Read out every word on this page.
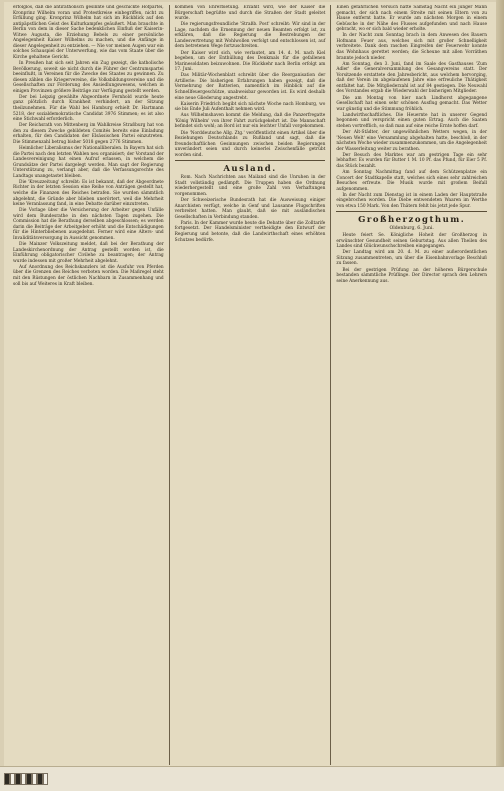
erfolglos, daß die antiratholisch gesinnte und geschickte Hofpartei, Kronprinz Wilhelm voran und Protestkreise einbegriffen, nicht zu Erfüllung ging. Kronprinz Wilhelm hat sich im Rückblick auf den antipäpstlichen Geist des Kulturkampfes geäußert. Man brauchte in Berlin von dem in dieser Sache bedenklichen Einfluß der Kaiserin-Witwe Augusta, die Erziehung Bebels zu einer persönliche Angelegenheit Kaiser Wilhelms zu machen, und die Anfänge in dieser Angelegenheit zu entziehen. — Nie vor meinen Augen war ein solches Schauspiel der Unterwerfung, wie das vom Staate über die Kirche gehaltene Gericht.

In Preußen hat sich seit Jahren ein Zug gezeigt, die katholische Bevölkerung, soweit sie nicht durch die Führer der Centrumspartei beeinflußt, in Vereinen für die Zwecke des Staates zu gewinnen. Zu diesen zählen die Kriegervereine, die Volksbildungsvereine und die Gesellschaften zur Förderung des Ansiedlungswesens, welchen in einigen Provinzen größere Beiträge zur Verfügung gestellt werden.

Der bei Leipzig gewählte Abgeordnete Fernhold wurde heute ganz plötzlich durch Krankheit verhindert, an der Sitzung theilzunehmen. Für die Wahl bei Hamburg erhielt Dr. Hartmann 5218, der sozialdemokratische Candidat 3976 Stimmen; es ist also eine Stichwahl erforderlich.

Der Reichsrath von Mittenberg im Wahlkreise Straßburg hat von den zu diesem Zwecke gebildeten Comités bereits eine Einladung erhalten, für den Candidaten der Elsässischen Partei einzutreten. Die Stimmenzahl betrug bisher 5018 gegen 2776 Stimmen.

Heimlicher Liberalismus der Nationalliberalen. In Bayern hat sich die Partei nach den letzten Wahlen neu organisiert; der Vorstand der Landesvereinigung hat einen Aufruf erlassen, in welchem die Grundsätze der Partei dargelegt werden. Man sagt der Regierung Unterstützung zu, verlangt aber, daß die Verfassungsrechte des Landtags unangetastet bleiben.

Die 'Kreuzzeitung' schreibt: Es ist bekannt, daß der Abgeordnete Richter in der letzten Session eine Reihe von Anträgen gestellt hat, welche die Finanzen des Reiches betrafen. Sie wurden sämmtlich abgelehnt, die Gründe aber blieben unerörtert, weil die Mehrheit keine Veranlassung fand, in eine Debatte darüber einzutreten.

Die Vorlage über die Versicherung der Arbeiter gegen Unfälle wird dem Bundesrathe in den nächsten Tagen zugehen. Die Commission hat die Berathung derselben abgeschlossen; es werden darin die Beiträge der Arbeitgeber erhöht und die Entschädigungen für die Hinterbliebenen ausgedehnt. Ferner wird eine Alters- und Invaliditätsversorgung in Aussicht genommen.

Die Mainzer Volkszeitung meldet, daß bei der Berathung der Landeskirchenordnung der Antrag gestellt worden ist, die Einführung obligatorischer Civilehe zu beantragen; der Antrag wurde indessen mit großer Mehrheit abgelehnt.

Auf Anordnung des Reichskanzlers ist die Ausfuhr von Pferden über die Grenzen des Reiches verboten worden. Die Maßregel steht mit den Rüstungen der östlichen Nachbarn in Zusammenhang und soll bis auf Weiteres in Kraft bleiben.

kommen von Ehrerbietung. Erzählt wird, wie der Kaiser die Bürgerschaft begrüßte und durch die Straßen der Stadt geleitet wurde.

Die regierungsfreundliche 'Straßb. Post' schreibt: Wir sind in der Lage, nachdem die Ernennung der neuen Beamten erfolgt ist, zu erklären, daß die Regierung die Bestrebungen der Landesvertretung mit Wohlwollen verfolgt und entschlossen ist, auf dem betretenen Wege fortzuschreiten.

Der Kaiser wird sich, wie verlautet, am 14. d. M. nach Kiel begeben, um der Enthüllung des Denkmals für die gefallenen Marinesoldaten beizuwohnen. Die Rückkehr nach Berlin erfolgt am 17. Juni.

Das Militär-Wochenblatt schreibt über die Reorganisation der Artillerie: Die bisherigen Erfahrungen haben gezeigt, daß die Vermehrung der Batterien, namentlich im Hinblick auf die Schnellfeuergeschütze, unabweisbar geworden ist. Es wird deshalb eine neue Gliederung angestrebt.

Kaiserin Friedrich begibt sich nächste Woche nach Homburg, wo sie bis Ende Juli Aufenthalt nehmen wird.

Aus Wilhelmshaven kommt die Meldung, daß die Panzerfregatte 'König Wilhelm' von ihrer Fahrt zurückgekehrt ist. Die Mannschaft befindet sich wohl; an Bord ist nur ein leichter Unfall vorgekommen.

Die 'Norddeutsche Allg. Ztg.' veröffentlicht einen Artikel über die Beziehungen Deutschlands zu Rußland und sagt, daß die freundschaftlichen Gesinnungen zwischen beiden Regierungen unverändert seien und durch keinerlei Zwischenfälle getrübt worden sind.

Ausland.

Rom. Nach Nachrichten aus Mailand sind die Unruhen in der Stadt vollständig gedämpft. Die Truppen haben die Ordnung wiederhergestellt und eine große Zahl von Verhaftungen vorgenommen.

Der Schweizerische Bundesrath hat die Ausweisung einiger Anarchisten verfügt, welche in Genf und Lausanne Flugschriften verbreitet hatten. Man glaubt, daß sie mit ausländischen Gesellschaften in Verbindung standen.

Paris. In der Kammer wurde heute die Debatte über die Zolltarife fortgesetzt. Der Handelsminister vertheidigte den Entwurf der Regierung und betonte, daß die Landwirthschaft eines erhöhten Schutzes bedürfe.

Einen gefährlichen Versuch hatte Samstag Nacht ein junger Mann gemacht, der sich nach einem Streite mit seinen Eltern von zu Hause entfernt hatte. Er wurde am nächsten Morgen in einem Gebüsche in der Nähe des Flusses aufgefunden und nach Hause gebracht, wo er sich bald wieder erholte.

In der Nacht zum Sonntag brach in dem Anwesen des Bauern Hofmann Feuer aus, welches sich mit großer Schnelligkeit verbreitete. Dank dem raschen Eingreifen der Feuerwehr konnte das Wohnhaus gerettet werden; die Scheune mit allen Vorräthen brannte jedoch nieder.

Am Sonntag, den 3. Juni, fand im Saale des Gasthauses 'Zum Adler' die Generalversammlung des Gesangvereins statt. Der Vorsitzende erstattete den Jahresbericht, aus welchem hervorging, daß der Verein im abgelaufenen Jahre eine erfreuliche Thätigkeit entfaltet hat. Die Mitgliederzahl ist auf 84 gestiegen. Die Neuwahl des Vorstandes ergab die Wiederwahl der bisherigen Mitglieder.

Die am Montag von hier nach Lindhorst abgegangene Gesellschaft hat einen sehr schönen Ausflug gemacht. Das Wetter war günstig und die Stimmung fröhlich.

Landwirthschaftliches. Die Heuernte hat in unserer Gegend begonnen und verspricht einen guten Ertrag. Auch die Saaten stehen vortrefflich, so daß man auf eine reiche Ernte hoffen darf.

Der Alt-Städter, der ungewöhnlichen Wetters wegen, in der 'Neuen Welt' eine Versammlung abgehalten hatte, beschloß, in der nächsten Woche wieder zusammenzukommen, um die Angelegenheit der Wasserleitung weiter zu berathen.

Der Besuch des Marktes war am gestrigen Tage ein sehr lebhafter. Es wurden für Butter 1 M. 10 Pf. das Pfund, für Eier 5 Pf. das Stück bezahlt.

Am Sonntag Nachmittag fand auf dem Schützenplatze ein Concert der Stadtkapelle statt, welches sich eines sehr zahlreichen Besuches erfreute. Die Musik wurde mit großem Beifall aufgenommen.

In der Nacht zum Dienstag ist in einem Laden der Hauptstraße eingebrochen worden. Die Diebe entwendeten Waaren im Werthe von etwa 150 Mark. Von den Thätern fehlt bis jetzt jede Spur.

Großherzogthum.
Oldenburg, 6. Juni.

Heute feiert Se. Königliche Hoheit der Großherzog in erwünschter Gesundheit seinen Geburtstag. Aus allen Theilen des Landes sind Glückwunschschreiben eingegangen.

Der Landtag wird am 20. d. M. zu einer außerordentlichen Sitzung zusammentreten, um über die Eisenbahnvorlage Beschluß zu fassen.

Bei der gestrigen Prüfung an der höheren Bürgerschule bestanden sämmtliche Prüflinge. Der Director sprach den Lehrern seine Anerkennung aus.
